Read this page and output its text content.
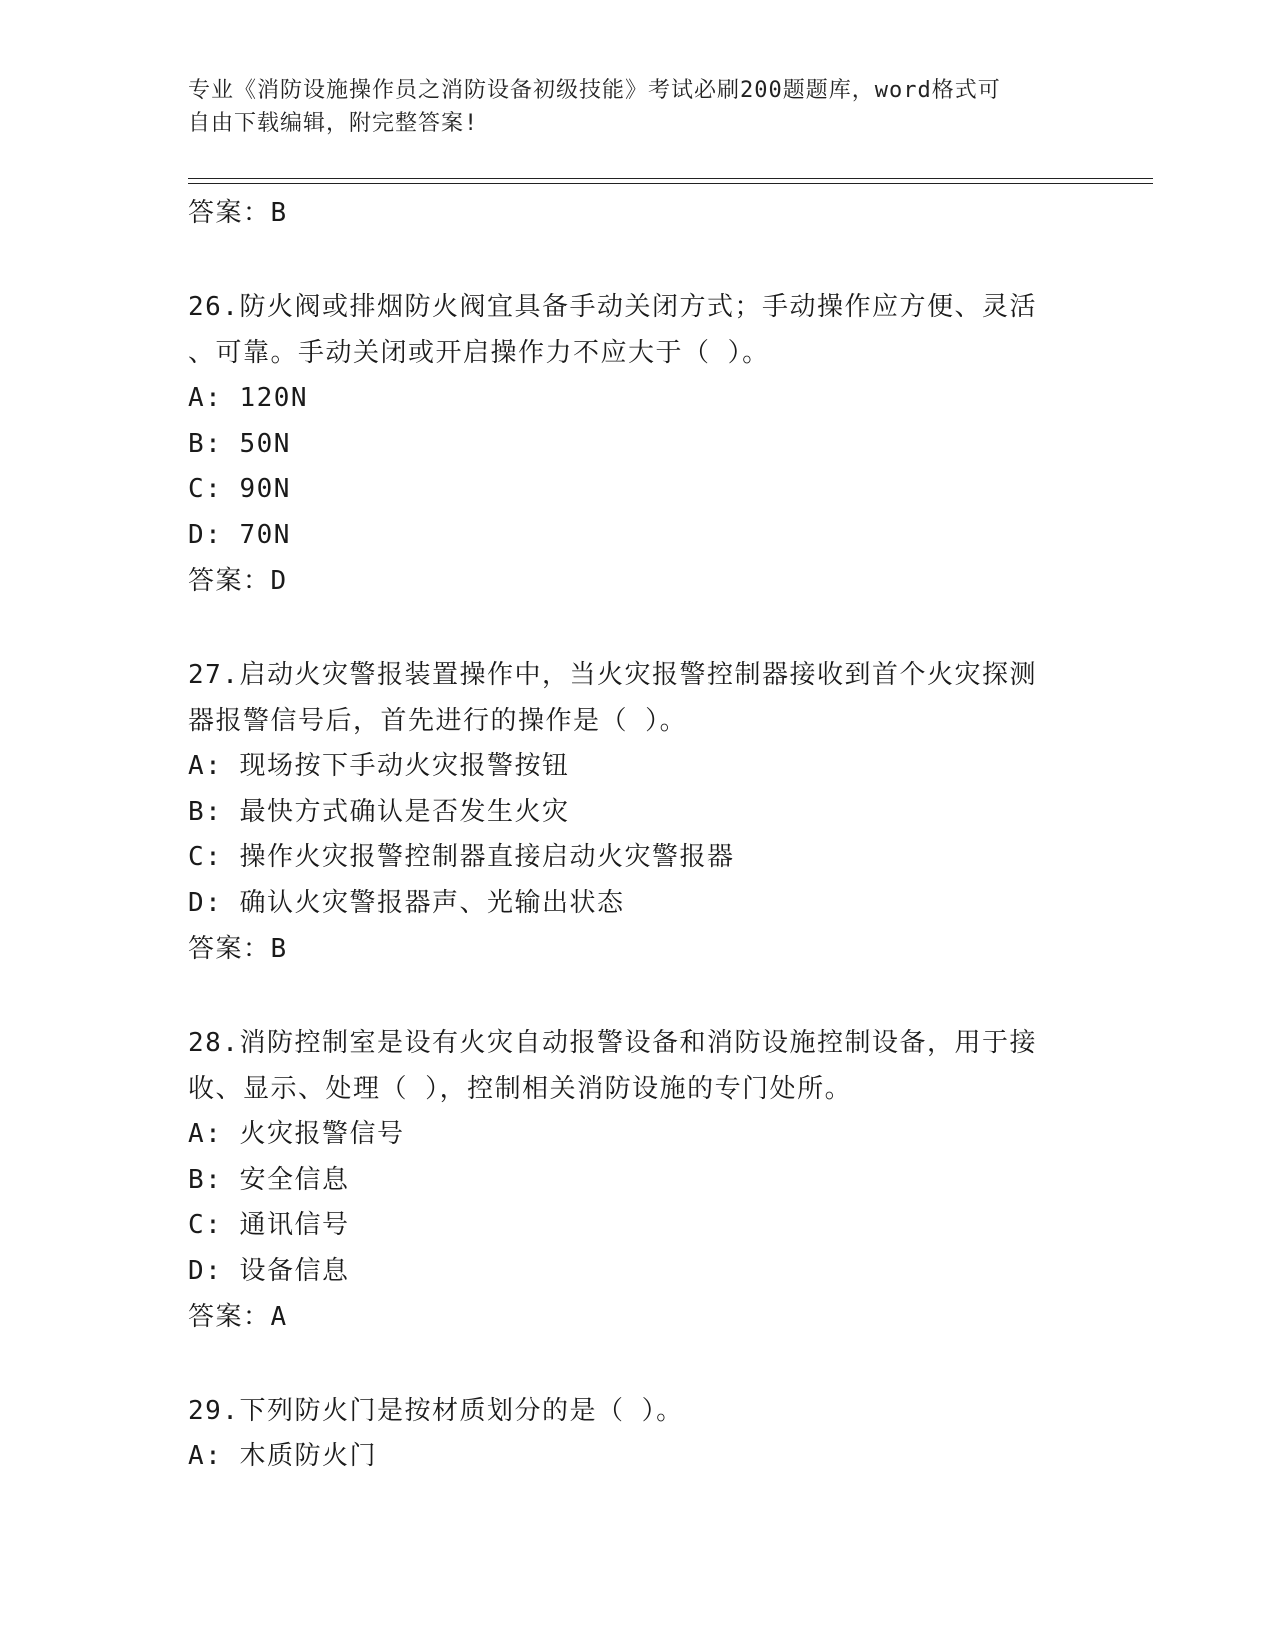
专业《消防设施操作员之消防设备初级技能》考试必刷200题题库，word格式可
自由下载编辑，附完整答案!
答案：B
26.防火阀或排烟防火阀宜具备手动关闭方式；手动操作应方便、灵活
、可靠。手动关闭或开启操作力不应大于（ ）。
A: 120N
B: 50N
C: 90N
D: 70N
答案：D
27.启动火灾警报装置操作中，当火灾报警控制器接收到首个火灾探测
器报警信号后，首先进行的操作是（ ）。
A: 现场按下手动火灾报警按钮
B: 最快方式确认是否发生火灾
C: 操作火灾报警控制器直接启动火灾警报器
D: 确认火灾警报器声、光输出状态
答案：B
28.消防控制室是设有火灾自动报警设备和消防设施控制设备，用于接
收、显示、处理（ ），控制相关消防设施的专门处所。
A: 火灾报警信号
B: 安全信息
C: 通讯信号
D: 设备信息
答案：A
29.下列防火门是按材质划分的是（ ）。
A: 木质防火门
